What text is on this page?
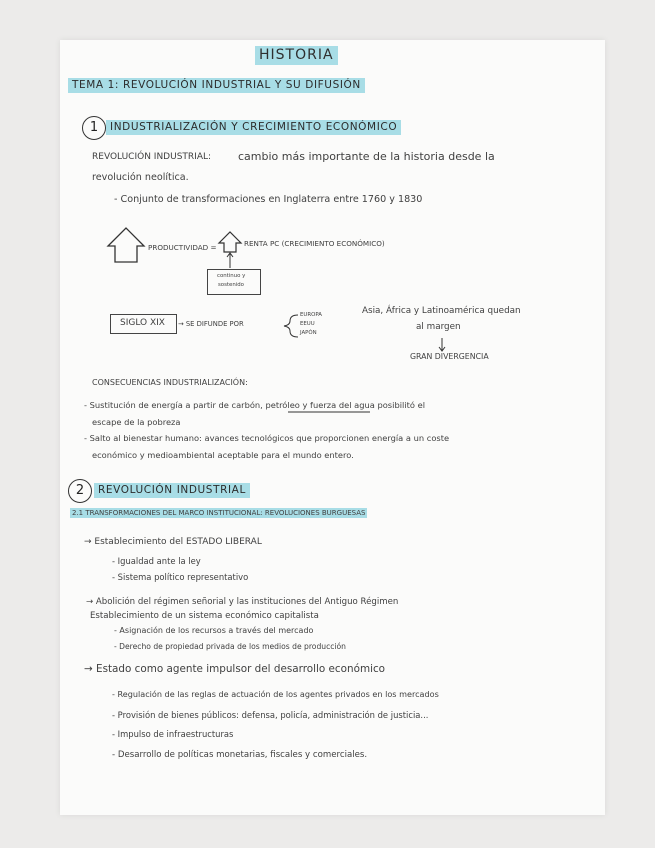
HISTORIA
TEMA 1: REVOLUCIÓN INDUSTRIAL Y SU DIFUSIÓN
1	INDUSTRIALIZACIÓN Y CRECIMIENTO ECONÓMICO
REVOLUCIÓN INDUSTRIAL: cambio más importante de la historia desde la
revolución neolítica.
- Conjunto de transformaciones en Inglaterra entre 1760 y 1830
PRODUCTIVIDAD =	RENTA PC (CRECIMIENTO ECONÓMICO)
continuo y
sostenido
SIGLO XIX → SE DIFUNDE POR
EUROPA
EEUU
JAPÓN
Asia, África y Latinoamérica quedan
al margen
GRAN DIVERGENCIA
CONSECUENCIAS INDUSTRIALIZACIÓN:
- Sustitución de energía a partir de carbón, petróleo y fuerza del agua posibilitó el
escape de la pobreza
- Salto al bienestar humano: avances tecnológicos que proporcionen energía a un coste
económico y medioambiental aceptable para el mundo entero.
2	REVOLUCIÓN INDUSTRIAL
2.1 TRANSFORMACIONES DEL MARCO INSTITUCIONAL: REVOLUCIONES BURGUESAS
→ Establecimiento del ESTADO LIBERAL
- Igualdad ante la ley
- Sistema político representativo
→ Abolición del régimen señorial y las instituciones del Antiguo Régimen
Establecimiento de un sistema económico capitalista
- Asignación de los recursos a través del mercado
- Derecho de propiedad privada de los medios de producción
→ Estado como agente impulsor del desarrollo económico
- Regulación de las reglas de actuación de los agentes privados en los mercados
- Provisión de bienes públicos: defensa, policía, administración de justicia...
- Impulso de infraestructuras
- Desarrollo de políticas monetarias, fiscales y comerciales.
